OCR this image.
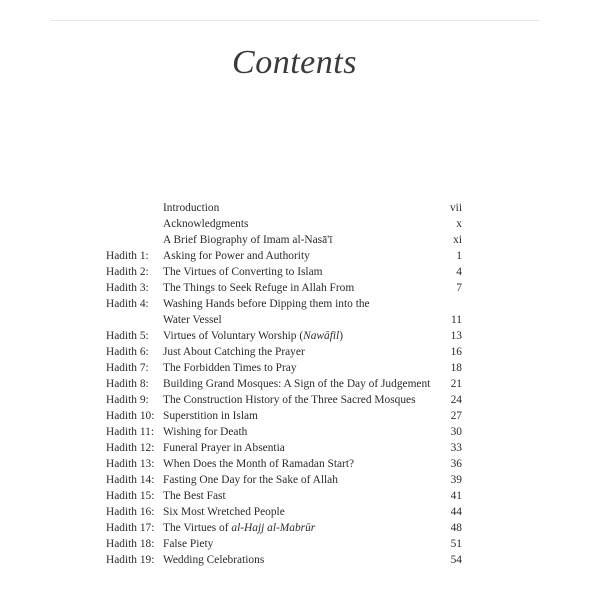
Contents
Introduction	vii
Acknowledgments	x
A Brief Biography of Imam al-Nasā'ī	xi
Hadith 1: Asking for Power and Authority	1
Hadith 2: The Virtues of Converting to Islam	4
Hadith 3: The Things to Seek Refuge in Allah From	7
Hadith 4: Washing Hands before Dipping them into the
Water Vessel	11
Hadith 5: Virtues of Voluntary Worship (Nawāfil)	13
Hadith 6: Just About Catching the Prayer	16
Hadith 7: The Forbidden Times to Pray	18
Hadith 8: Building Grand Mosques: A Sign of the Day of Judgement 21
Hadith 9: The Construction History of the Three Sacred Mosques	24
Hadith 10: Superstition in Islam	27
Hadith 11: Wishing for Death	30
Hadith 12: Funeral Prayer in Absentia	33
Hadith 13: When Does the Month of Ramadan Start?	36
Hadith 14: Fasting One Day for the Sake of Allah	39
Hadith 15: The Best Fast	41
Hadith 16: Six Most Wretched People	44
Hadith 17: The Virtues of al-Hajj al-Mabrūr	48
Hadith 18: False Piety	51
Hadith 19: Wedding Celebrations	54
